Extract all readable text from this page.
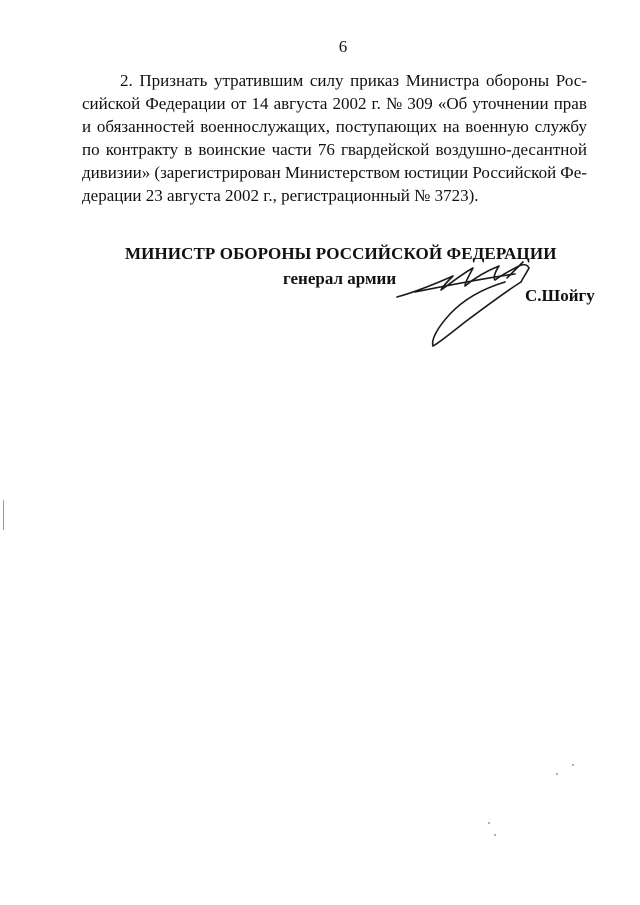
6
2. Признать утратившим силу приказ Министра обороны Рос-
сийской Федерации от 14 августа 2002 г. № 309 «Об уточнении прав
и обязанностей военнослужащих, поступающих на военную службу
по контракту в воинские части 76 гвардейской воздушно-десантной
дивизии» (зарегистрирован Министерством юстиции Российской Фе-
дерации 23 августа 2002 г., регистрационный № 3723).
МИНИСТР ОБОРОНЫ РОССИЙСКОЙ ФЕДЕРАЦИИ
генерал армии
С.Шойгу
